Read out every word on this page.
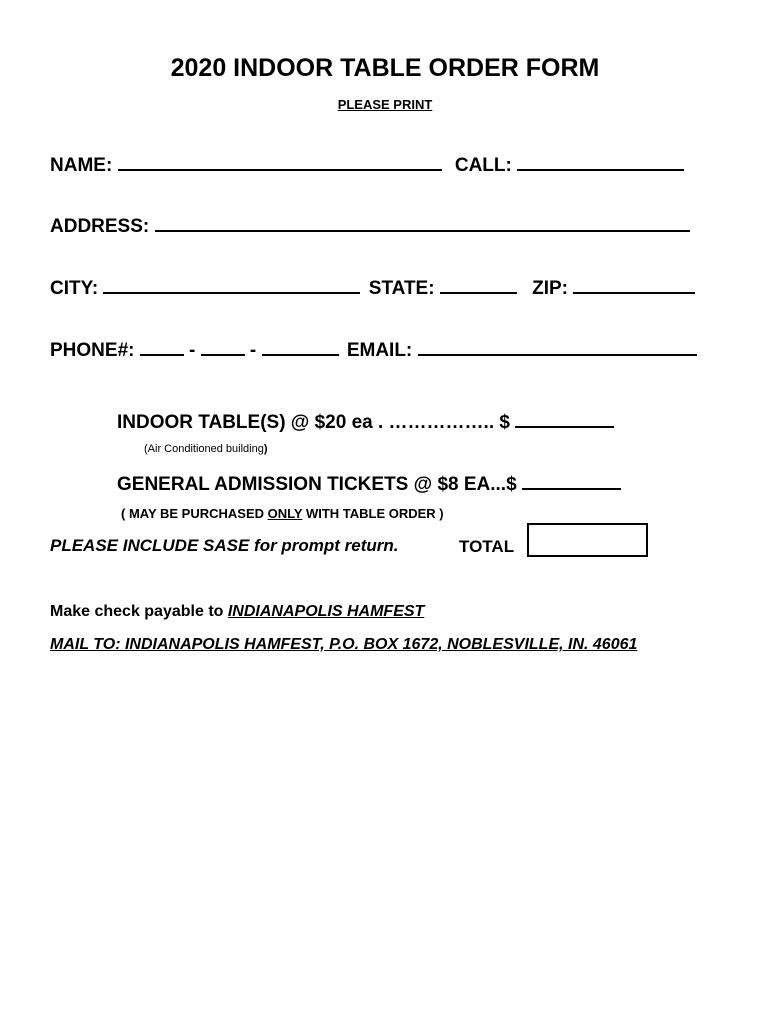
2020 INDOOR TABLE ORDER FORM
PLEASE PRINT
NAME:	CALL:
ADDRESS:
CITY:	STATE:	ZIP:
PHONE#:	-	-	EMAIL:
INDOOR TABLE(S) @ $20 ea . …………….. $
(Air Conditioned building)
GENERAL ADMISSION TICKETS @ $8 EA...$
( MAY BE PURCHASED ONLY WITH TABLE ORDER )
PLEASE INCLUDE SASE for prompt return.	TOTAL
Make check payable to INDIANAPOLIS HAMFEST
MAIL TO: INDIANAPOLIS HAMFEST, P.O. BOX 1672, NOBLESVILLE, IN. 46061
